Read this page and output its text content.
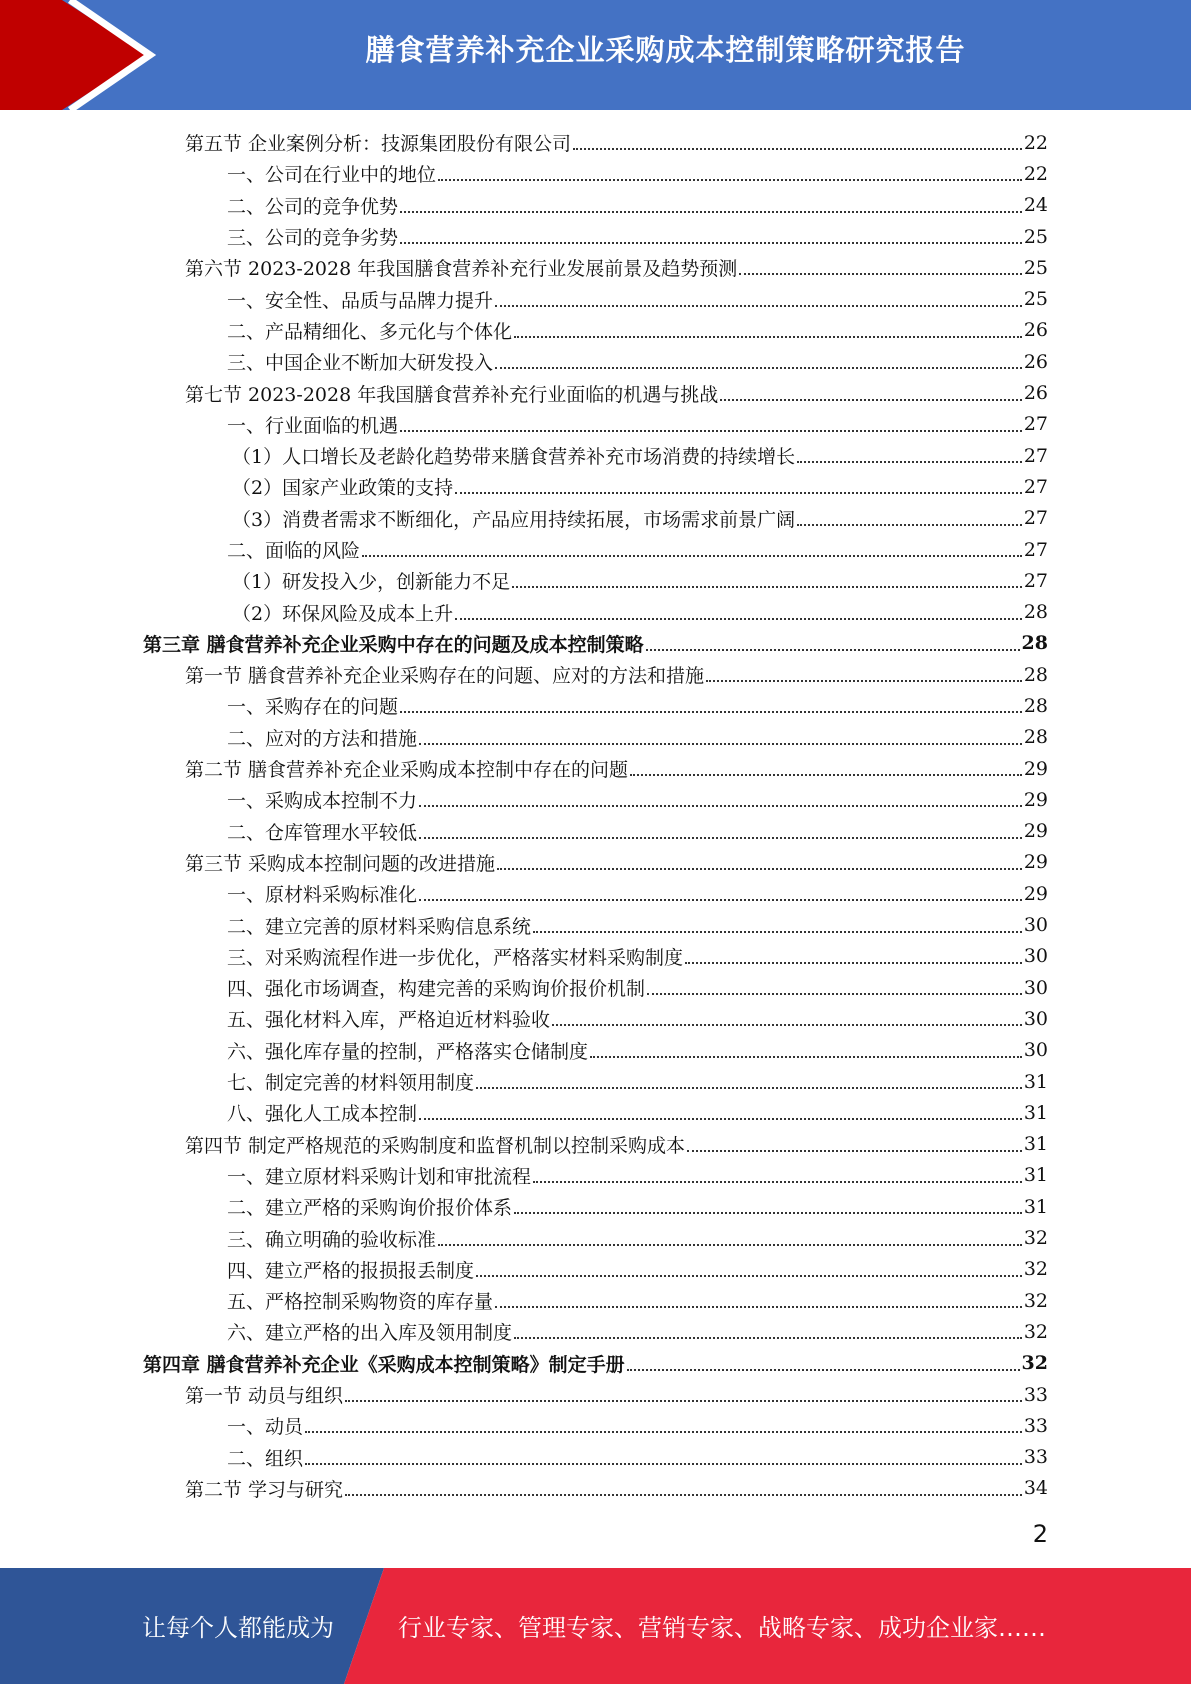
膳食营养补充企业采购成本控制策略研究报告
第五节 企业案例分析：技源集团股份有限公司	22
一、公司在行业中的地位	22
二、公司的竞争优势	24
三、公司的竞争劣势	25
第六节 2023-2028 年我国膳食营养补充行业发展前景及趋势预测	25
一、安全性、品质与品牌力提升	25
二、产品精细化、多元化与个体化	26
三、中国企业不断加大研发投入	26
第七节 2023-2028 年我国膳食营养补充行业面临的机遇与挑战	26
一、行业面临的机遇	27
（1）人口增长及老龄化趋势带来膳食营养补充市场消费的持续增长	27
（2）国家产业政策的支持	27
（3）消费者需求不断细化，产品应用持续拓展，市场需求前景广阔	27
二、面临的风险	27
（1）研发投入少，创新能力不足	27
（2）环保风险及成本上升	28
第三章 膳食营养补充企业采购中存在的问题及成本控制策略	28
第一节 膳食营养补充企业采购存在的问题、应对的方法和措施	28
一、采购存在的问题	28
二、应对的方法和措施	28
第二节 膳食营养补充企业采购成本控制中存在的问题	29
一、采购成本控制不力	29
二、仓库管理水平较低	29
第三节 采购成本控制问题的改进措施	29
一、原材料采购标准化	29
二、建立完善的原材料采购信息系统	30
三、对采购流程作进一步优化，严格落实材料采购制度	30
四、强化市场调查，构建完善的采购询价报价机制	30
五、强化材料入库，严格迫近材料验收	30
六、强化库存量的控制，严格落实仓储制度	30
七、制定完善的材料领用制度	31
八、强化人工成本控制	31
第四节 制定严格规范的采购制度和监督机制以控制采购成本	31
一、建立原材料采购计划和审批流程	31
二、建立严格的采购询价报价体系	31
三、确立明确的验收标准	32
四、建立严格的报损报丢制度	32
五、严格控制采购物资的库存量	32
六、建立严格的出入库及领用制度	32
第四章 膳食营养补充企业《采购成本控制策略》制定手册	32
第一节 动员与组织	33
一、动员	33
二、组织	33
第二节 学习与研究	34
2
让每个人都能成为	行业专家、管理专家、营销专家、战略专家、成功企业家……
